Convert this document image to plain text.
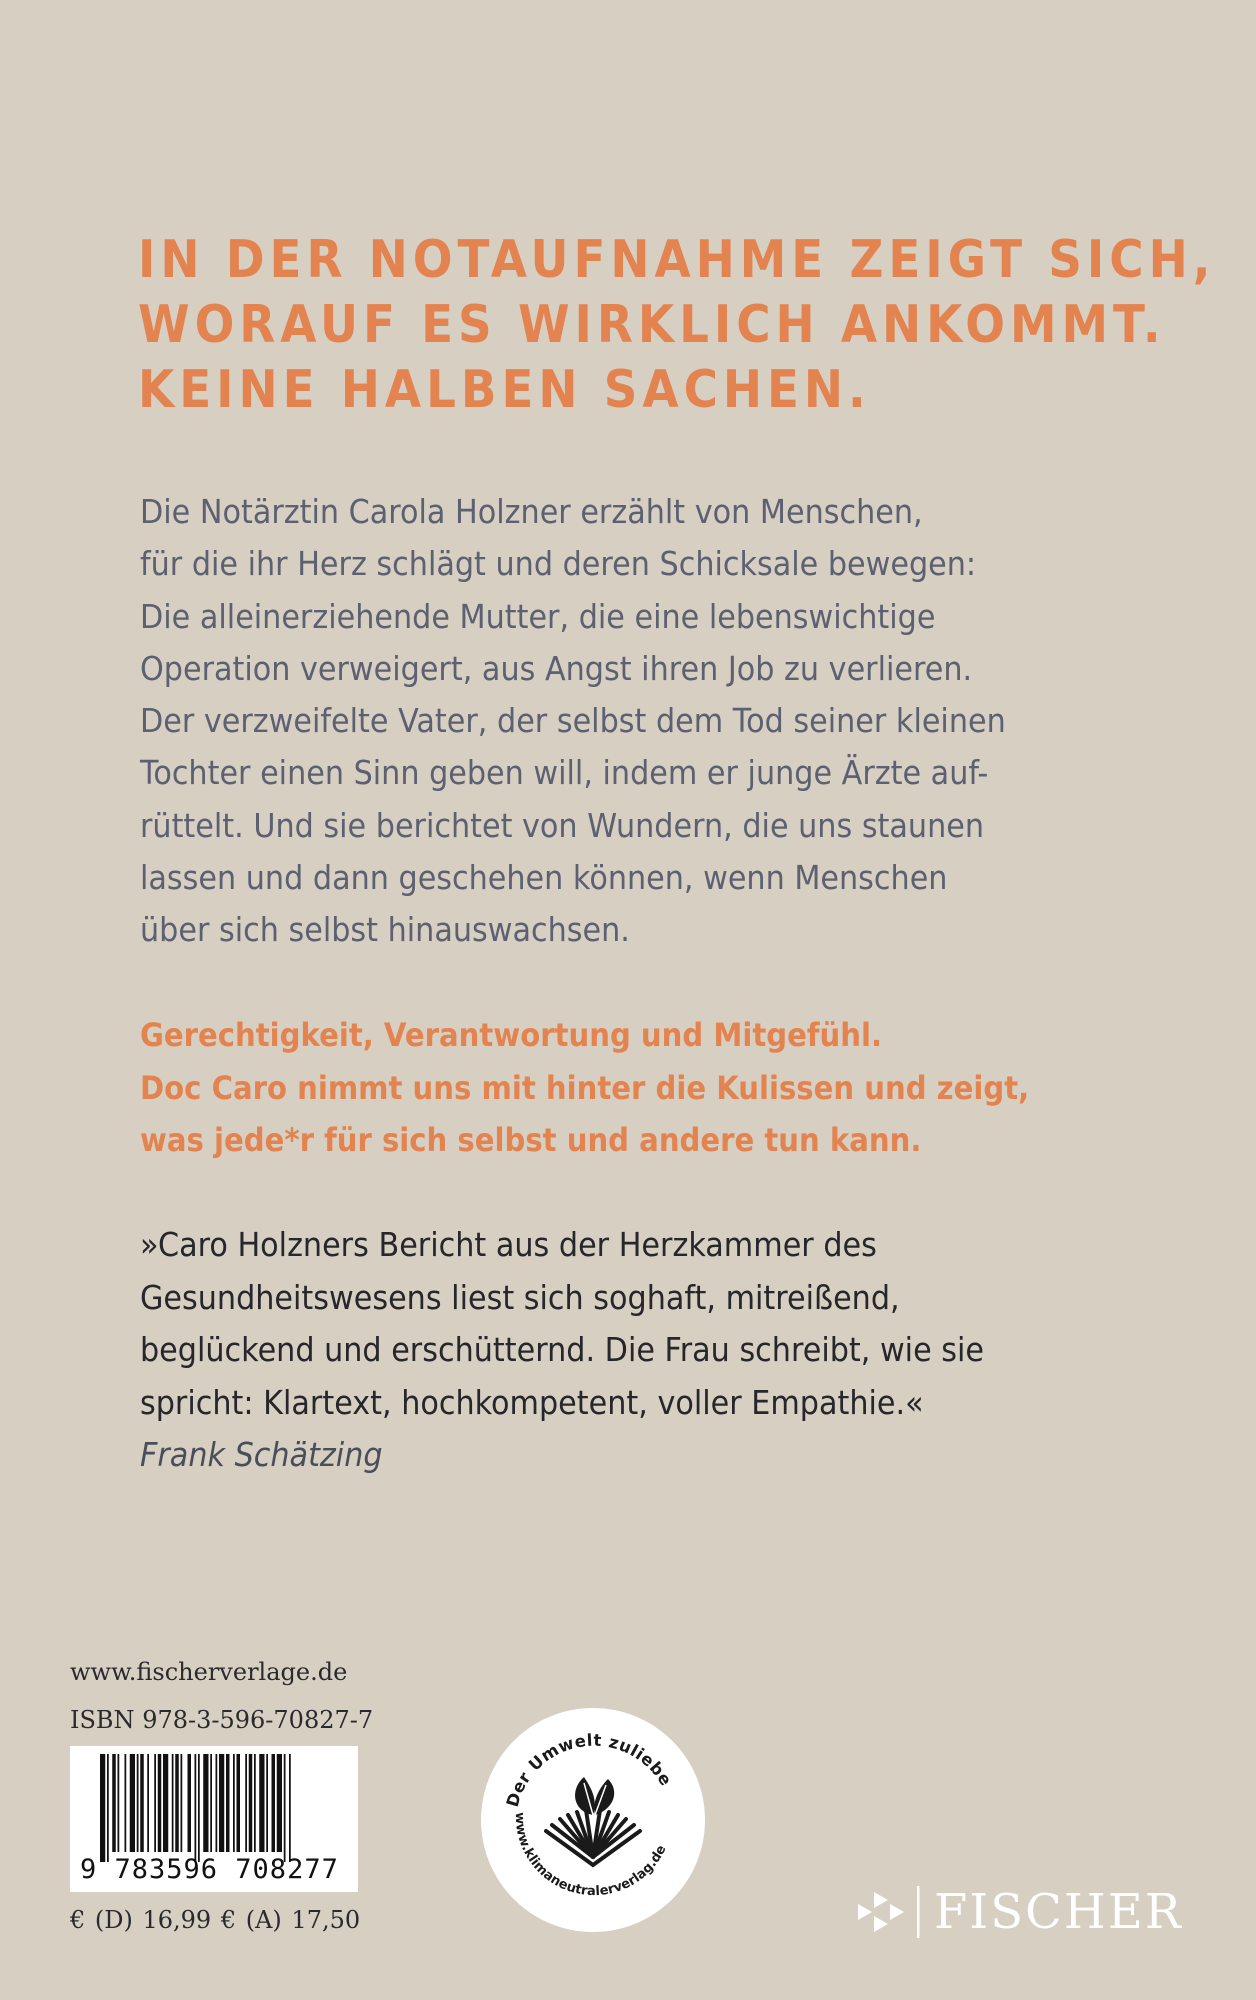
IN DER NOTAUFNAHME ZEIGT SICH,
WORAUF ES WIRKLICH ANKOMMT.
KEINE HALBEN SACHEN.
Die Notärztin Carola Holzner erzählt von Menschen,
für die ihr Herz schlägt und deren Schicksale bewegen:
Die alleinerziehende Mutter, die eine lebenswichtige
Operation verweigert, aus Angst ihren Job zu verlieren.
Der verzweifelte Vater, der selbst dem Tod seiner kleinen
Tochter einen Sinn geben will, indem er junge Ärzte auf-
rüttelt. Und sie berichtet von Wundern, die uns staunen
lassen und dann geschehen können, wenn Menschen
über sich selbst hinauswachsen.
Gerechtigkeit, Verantwortung und Mitgefühl.
Doc Caro nimmt uns mit hinter die Kulissen und zeigt,
was jede*r für sich selbst und andere tun kann.
»Caro Holzners Bericht aus der Herzkammer des
Gesundheitswesens liest sich soghaft, mitreißend,
beglückend und erschütternd. Die Frau schreibt, wie sie
spricht: Klartext, hochkompetent, voller Empathie.«
Frank Schätzing
www.fischerverlage.de
ISBN 978-3-596-70827-7
9 783596 708277
€ (D) 16,99 € (A) 17,50
Der Umwelt zuliebe
www.klimaneutralerverlag.de
FISCHER
